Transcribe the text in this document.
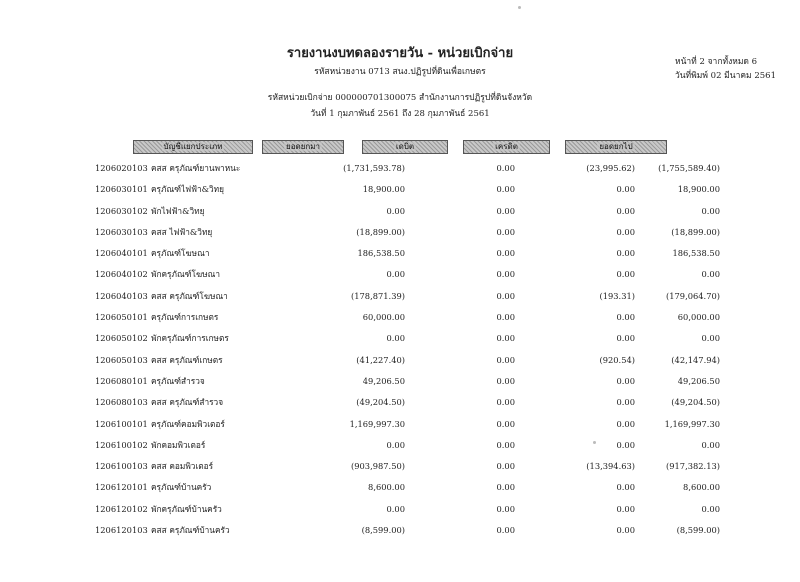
รายงานงบทดลองรายวัน - หน่วยเบิกจ่าย
รหัสหน่วยงาน 0713 สนง.ปฏิรูปที่ดินเพื่อเกษตร
รหัสหน่วยเบิกจ่าย 000000701300075 สำนักงานการปฏิรูปที่ดินจังหวัด
วันที่ 1 กุมภาพันธ์ 2561 ถึง 28 กุมภาพันธ์ 2561
หน้าที่ 2 จากทั้งหมด 6
วันที่พิมพ์ 02 มีนาคม 2561
บัญชีแยกประเภท	ยอดยกมา	เดบิต	เครดิต	ยอดยกไป
1206020103 คสส ครุภัณฑ์ยานพาหนะ	(1,731,593.78)	0.00	(23,995.62)	(1,755,589.40)
1206030101 ครุภัณฑ์ไฟฟ้า&วิทยุ	18,900.00	0.00	0.00	18,900.00
1206030102 พักไฟฟ้า&วิทยุ	0.00	0.00	0.00	0.00
1206030103 คสส ไฟฟ้า&วิทยุ	(18,899.00)	0.00	0.00	(18,899.00)
1206040101 ครุภัณฑ์โฆษณา	186,538.50	0.00	0.00	186,538.50
1206040102 พักครุภัณฑ์โฆษณา	0.00	0.00	0.00	0.00
1206040103 คสส ครุภัณฑ์โฆษณา	(178,871.39)	0.00	(193.31)	(179,064.70)
1206050101 ครุภัณฑ์การเกษตร	60,000.00	0.00	0.00	60,000.00
1206050102 พักครุภัณฑ์การเกษตร	0.00	0.00	0.00	0.00
1206050103 คสส ครุภัณฑ์เกษตร	(41,227.40)	0.00	(920.54)	(42,147.94)
1206080101 ครุภัณฑ์สำรวจ	49,206.50	0.00	0.00	49,206.50
1206080103 คสส ครุภัณฑ์สำรวจ	(49,204.50)	0.00	0.00	(49,204.50)
1206100101 ครุภัณฑ์คอมพิวเตอร์	1,169,997.30	0.00	0.00	1,169,997.30
1206100102 พักคอมพิวเตอร์	0.00	0.00	0.00	0.00
1206100103 คสส คอมพิวเตอร์	(903,987.50)	0.00	(13,394.63)	(917,382.13)
1206120101 ครุภัณฑ์บ้านครัว	8,600.00	0.00	0.00	8,600.00
1206120102 พักครุภัณฑ์บ้านครัว	0.00	0.00	0.00	0.00
1206120103 คสส ครุภัณฑ์บ้านครัว	(8,599.00)	0.00	0.00	(8,599.00)
